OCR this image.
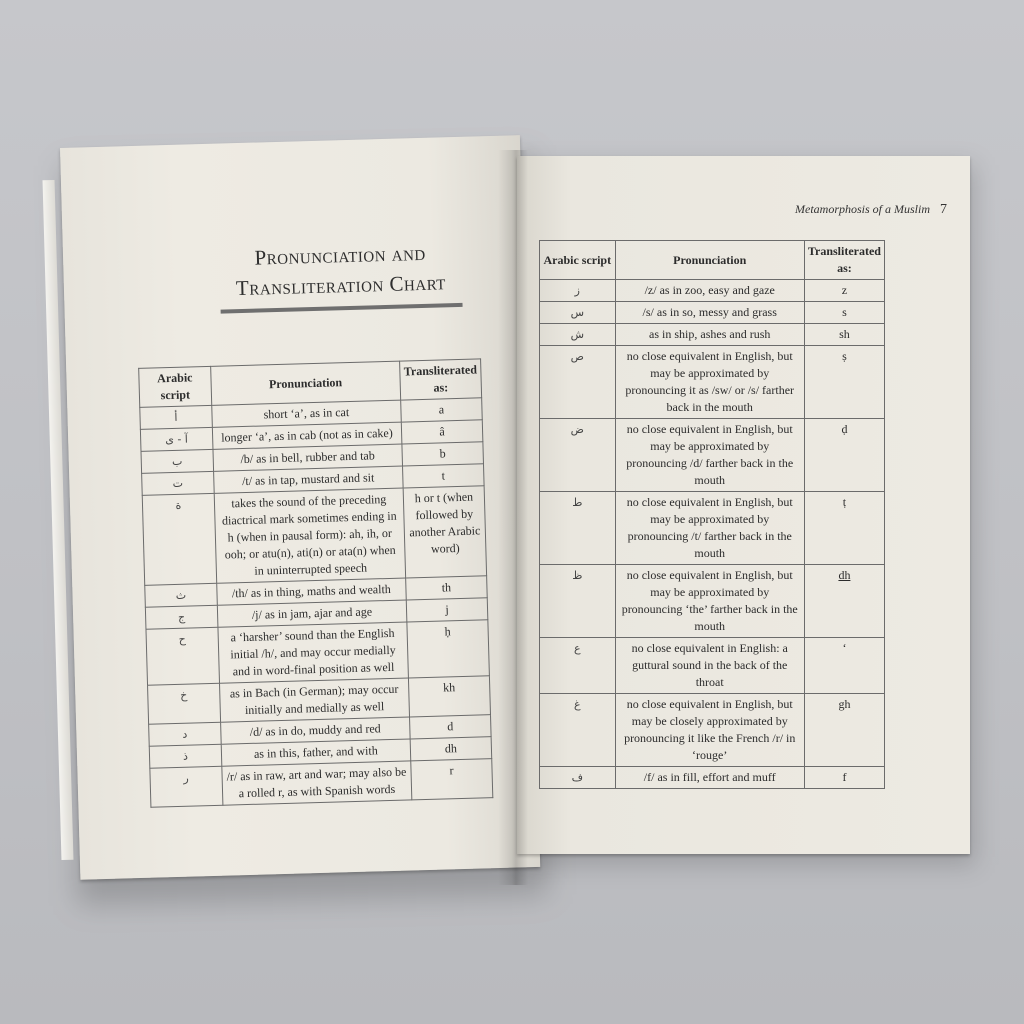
Pronunciation and
Transliteration Chart
Arabic script	Pronunciation	Transliterated as:
أ	short ‘a’, as in cat	a
آ - ى	longer ‘a’, as in cab (not as in cake)	â
ب	/b/ as in bell, rubber and tab	b
ت	/t/ as in tap, mustard and sit	t
ة	takes the sound of the preceding diactrical mark sometimes ending in h (when in pausal form): ah, ih, or ooh; or atu(n), ati(n) or ata(n) when in uninterrupted speech	h or t (when followed by another Arabic word)
ث	/th/ as in thing, maths and wealth	th
ج	/j/ as in jam, ajar and age	j
ح	a ‘harsher’ sound than the English initial /h/, and may occur medially and in word-final position as well	ḥ
خ	as in Bach (in German); may occur initially and medially as well	kh
د	/d/ as in do, muddy and red	d
ذ	as in this, father, and with	dh
ر	/r/ as in raw, art and war; may also be a rolled r, as with Spanish words	r
Metamorphosis of a Muslim 7
Arabic script	Pronunciation	Transliterated as:
ز	/z/ as in zoo, easy and gaze	z
س	/s/ as in so, messy and grass	s
ش	as in ship, ashes and rush	sh
ص	no close equivalent in English, but may be approximated by pronouncing it as /sw/ or /s/ farther back in the mouth	ṣ
ض	no close equivalent in English, but may be approximated by pronouncing /d/ farther back in the mouth	ḍ
ط	no close equivalent in English, but may be approximated by pronouncing /t/ farther back in the mouth	ṭ
ظ	no close equivalent in English, but may be approximated by pronouncing ‘the’ farther back in the mouth	dh
ع	no close equivalent in English: a guttural sound in the back of the throat	‘
غ	no close equivalent in English, but may be closely approximated by pronouncing it like the French /r/ in ‘rouge’	gh
ف	/f/ as in fill, effort and muff	f
